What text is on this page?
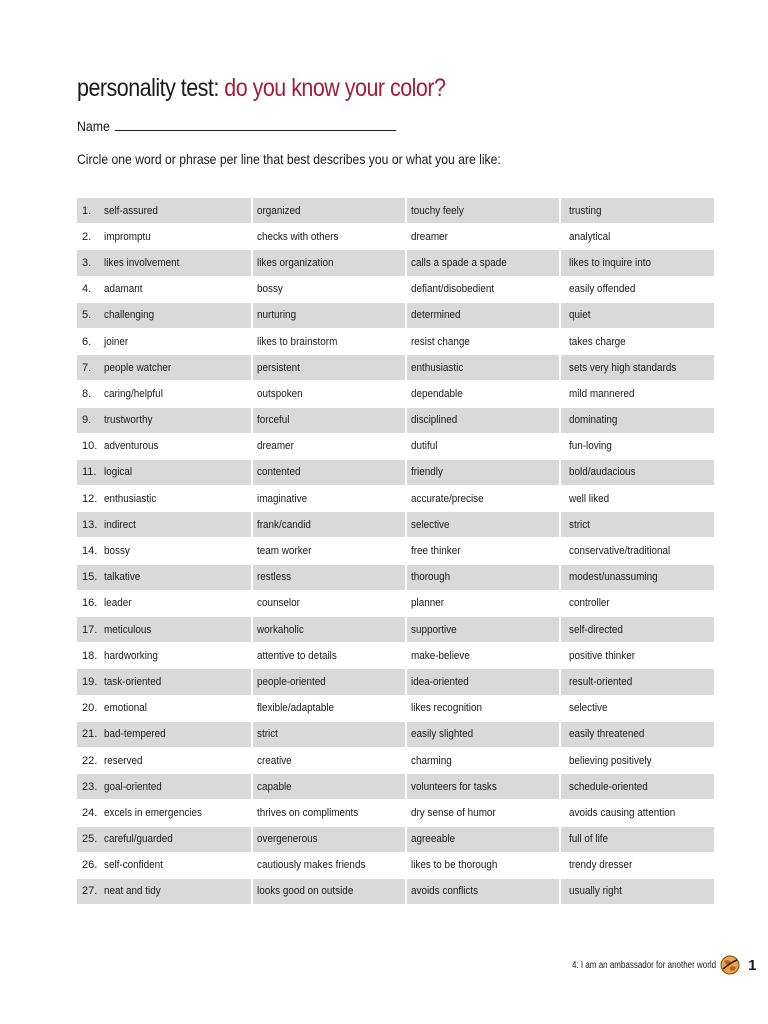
personality test: do you know your color?
Name
Circle one word or phrase per line that best describes you or what you are like:
1.	self-assured	organized	touchy feely	trusting
2.	impromptu	checks with others	dreamer	analytical
3.	likes involvement	likes organization	calls a spade a spade	likes to inquire into
4.	adamant	bossy	defiant/disobedient	easily offended
5.	challenging	nurturing	determined	quiet
6.	joiner	likes to brainstorm	resist change	takes charge
7.	people watcher	persistent	enthusiastic	sets very high standards
8.	caring/helpful	outspoken	dependable	mild mannered
9.	trustworthy	forceful	disciplined	dominating
10. adventurous	dreamer	dutiful	fun-loving
11. logical	contented	friendly	bold/audacious
12. enthusiastic	imaginative	accurate/precise	well liked
13. indirect	frank/candid	selective	strict
14. bossy	team worker	free thinker	conservative/traditional
15. talkative	restless	thorough	modest/unassuming
16. leader	counselor	planner	controller
17. meticulous	workaholic	supportive	self-directed
18. hardworking	attentive to details	make-believe	positive thinker
19. task-oriented	people-oriented	idea-oriented	result-oriented
20. emotional	flexible/adaptable	likes recognition	selective
21. bad-tempered	strict	easily slighted	easily threatened
22. reserved	creative	charming	believing positively
23. goal-oriented	capable	volunteers for tasks	schedule-oriented
24. excels in emergencies	thrives on compliments	dry sense of humor	avoids causing attention
25. careful/guarded	overgenerous	agreeable	full of life
26. self-confident	cautiously makes friends	likes to be thorough	trendy dresser
27. neat and tidy	looks good on outside	avoids conflicts	usually right
4: I am an ambassador for another world 1
